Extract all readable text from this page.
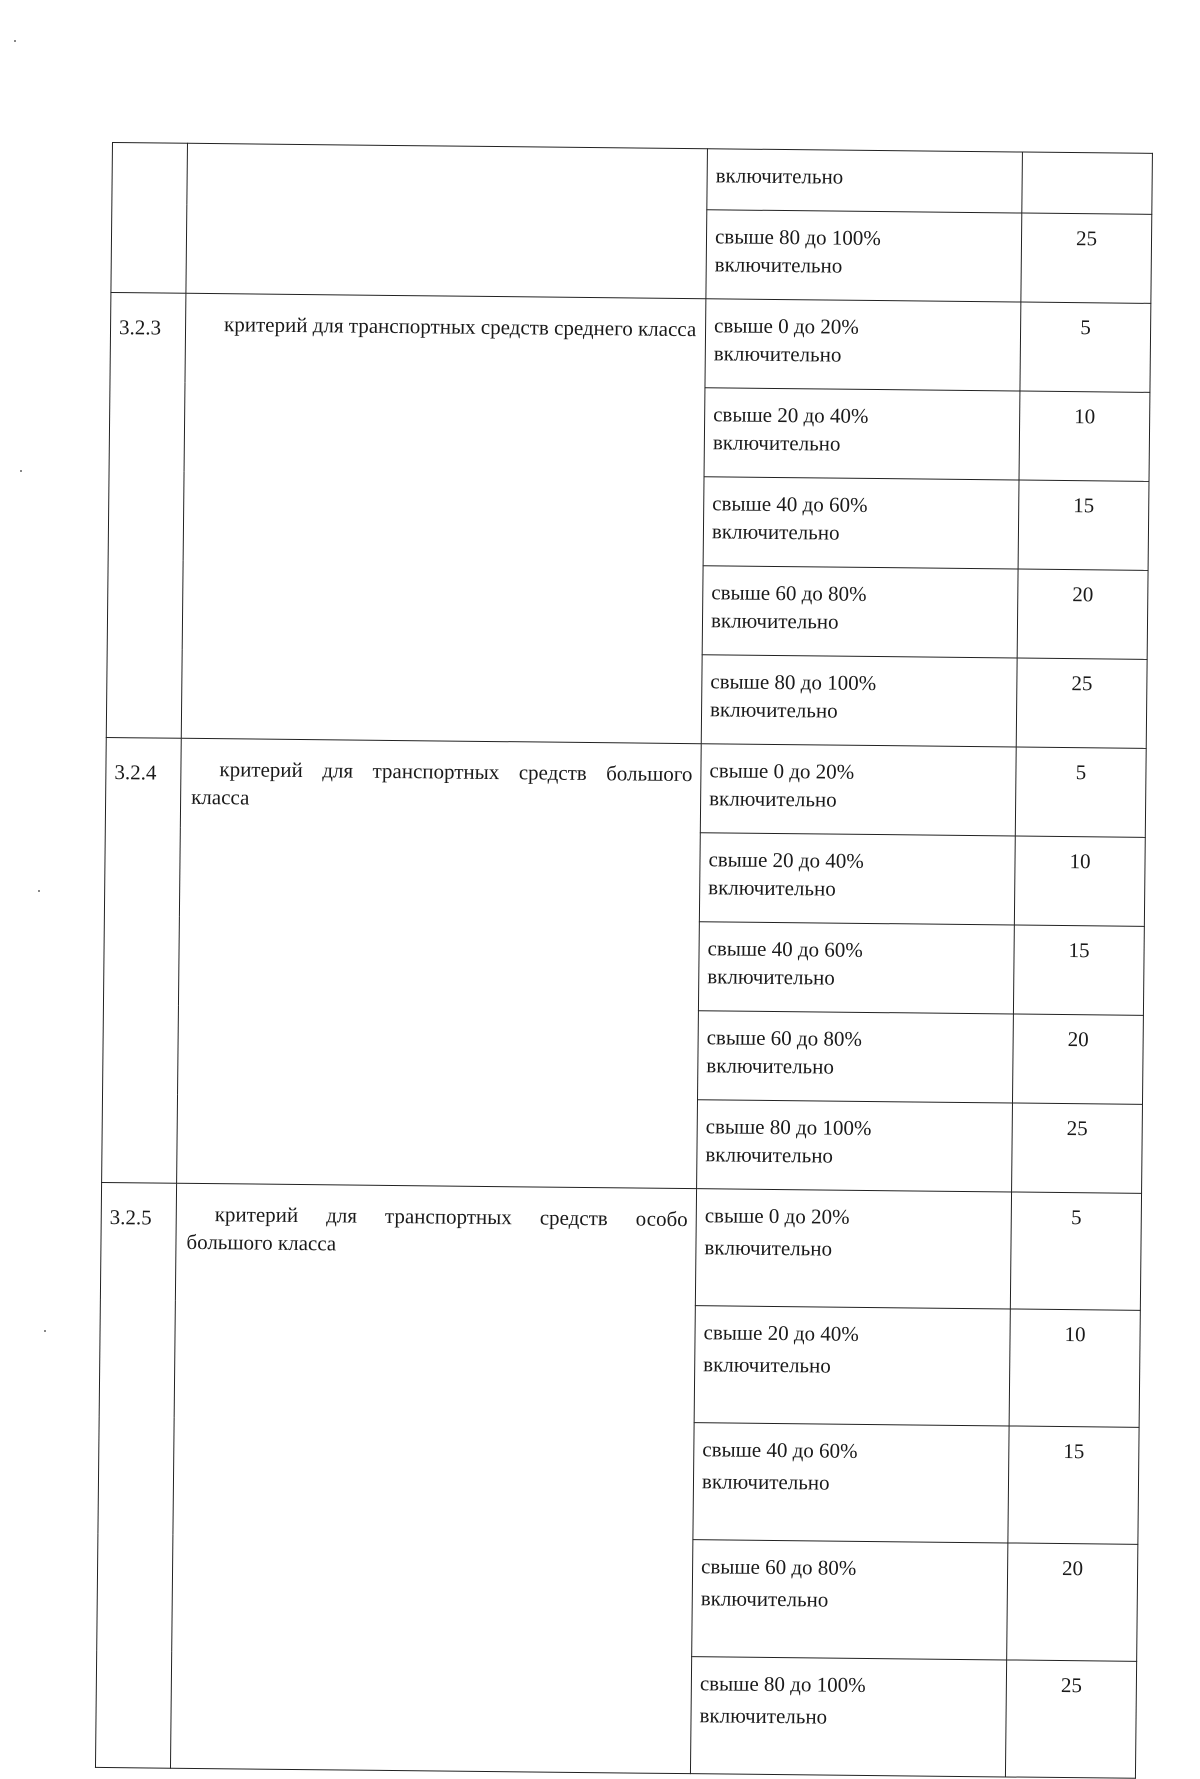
		включительно	

		свыше 80 до 100%
включительно	25
3.2.3	критерий для транспортных средств среднего класса	свыше 0 до 20%
включительно	5

		свыше 20 до 40%
включительно	10

		свыше 40 до 60%
включительно	15

		свыше 60 до 80%
включительно	20

		свыше 80 до 100%
включительно	25
3.2.4	критерий для транспортных средств большого класса	свыше 0 до 20%
включительно	5

		свыше 20 до 40%
включительно	10

		свыше 40 до 60%
включительно	15

		свыше 60 до 80%
включительно	20

		свыше 80 до 100%
включительно	25
3.2.5	критерий для транспортных средств особо большого класса	свыше 0 до 20%
включительно	5

		свыше 20 до 40%
включительно	10

		свыше 40 до 60%
включительно	15

		свыше 60 до 80%
включительно	20

		свыше 80 до 100%
включительно	25
